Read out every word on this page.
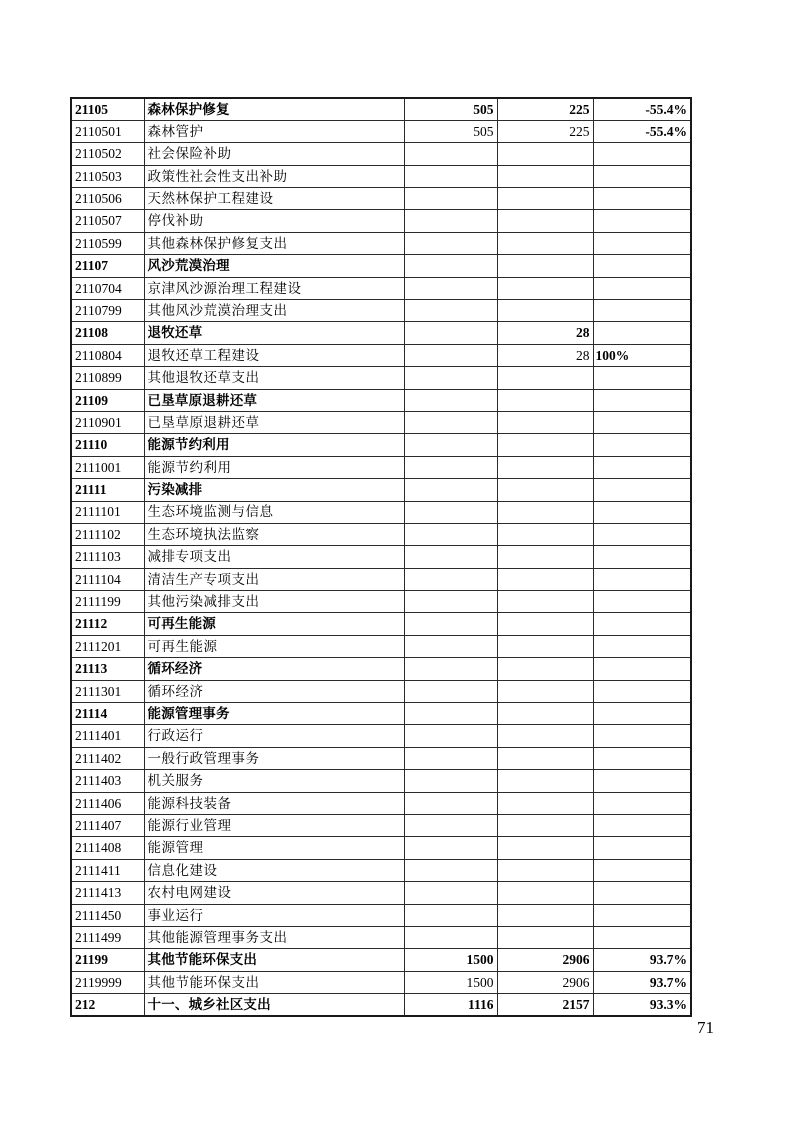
21105	森林保护修复	505	225	-55.4%
2110501	森林管护	505	225	-55.4%
2110502	社会保险补助			
2110503	政策性社会性支出补助			
2110506	天然林保护工程建设			
2110507	停伐补助			
2110599	其他森林保护修复支出			
21107	风沙荒漠治理			
2110704	京津风沙源治理工程建设			
2110799	其他风沙荒漠治理支出			
21108	退牧还草		28	
2110804	退牧还草工程建设		28	100%
2110899	其他退牧还草支出			
21109	已垦草原退耕还草			
2110901	已垦草原退耕还草			
21110	能源节约利用			
2111001	能源节约利用			
21111	污染减排			
2111101	生态环境监测与信息			
2111102	生态环境执法监察			
2111103	减排专项支出			
2111104	清洁生产专项支出			
2111199	其他污染减排支出			
21112	可再生能源			
2111201	可再生能源			
21113	循环经济			
2111301	循环经济			
21114	能源管理事务			
2111401	行政运行			
2111402	一般行政管理事务			
2111403	机关服务			
2111406	能源科技装备			
2111407	能源行业管理			
2111408	能源管理			
2111411	信息化建设			
2111413	农村电网建设			
2111450	事业运行			
2111499	其他能源管理事务支出			
21199	其他节能环保支出	1500	2906	93.7%
2119999	其他节能环保支出	1500	2906	93.7%
212	十一、城乡社区支出	1116	2157	93.3%
71
